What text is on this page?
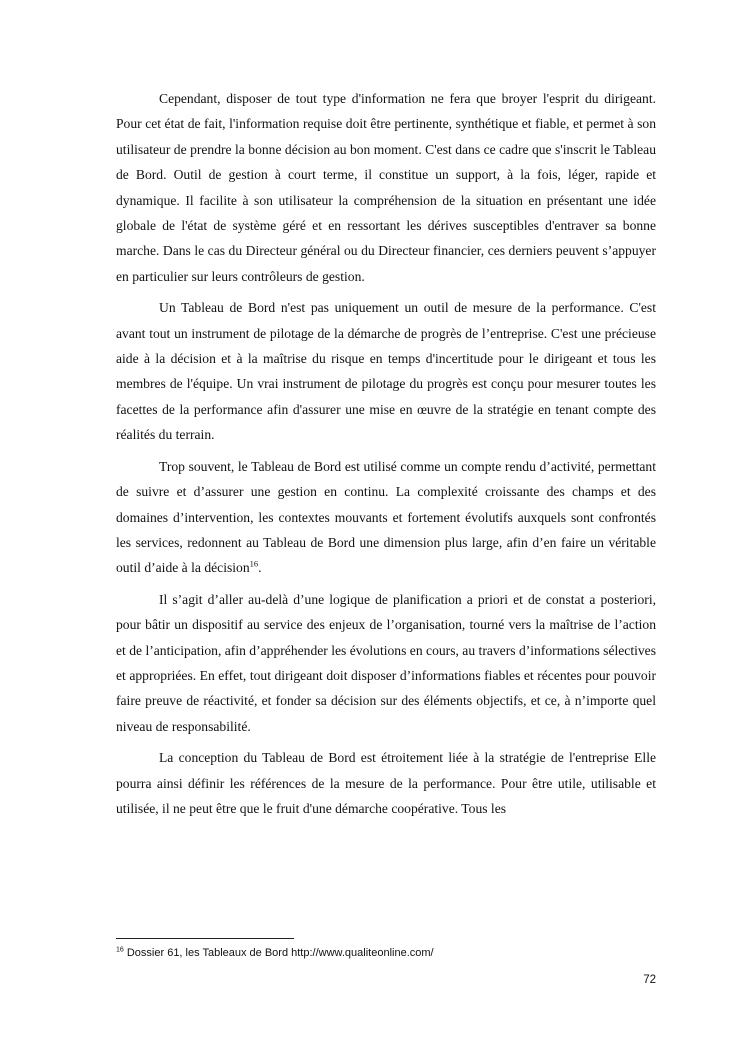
Cependant, disposer de tout type d'information ne fera que broyer l'esprit du dirigeant. Pour cet état de fait, l'information requise doit être pertinente, synthétique et fiable, et permet à son utilisateur de prendre la bonne décision au bon moment. C'est dans ce cadre que s'inscrit le Tableau de Bord. Outil de gestion à court terme, il constitue un support, à la fois, léger, rapide et dynamique. Il facilite à son utilisateur la compréhension de la situation en présentant une idée globale de l'état de système géré et en ressortant les dérives susceptibles d'entraver sa bonne marche. Dans le cas du Directeur général ou du Directeur financier, ces derniers peuvent s’appuyer en particulier sur leurs contrôleurs de gestion.

Un Tableau de Bord n'est pas uniquement un outil de mesure de la performance. C'est avant tout un instrument de pilotage de la démarche de progrès de l’entreprise. C'est une précieuse aide à la décision et à la maîtrise du risque en temps d'incertitude pour le dirigeant et tous les membres de l'équipe. Un vrai instrument de pilotage du progrès est conçu pour mesurer toutes les facettes de la performance afin d'assurer une mise en œuvre de la stratégie en tenant compte des réalités du terrain.

Trop souvent, le Tableau de Bord est utilisé comme un compte rendu d’activité, permettant de suivre et d’assurer une gestion en continu. La complexité croissante des champs et des domaines d’intervention, les contextes mouvants et fortement évolutifs auxquels sont confrontés les services, redonnent au Tableau de Bord une dimension plus large, afin d’en faire un véritable outil d’aide à la décision$^{16}$.

Il s’agit d’aller au-delà d’une logique de planification a priori et de constat a posteriori, pour bâtir un dispositif au service des enjeux de l’organisation, tourné vers la maîtrise de l’action et de l’anticipation, afin d’appréhender les évolutions en cours, au travers d’informations sélectives et appropriées. En effet, tout dirigeant doit disposer d’informations fiables et récentes pour pouvoir faire preuve de réactivité, et fonder sa décision sur des éléments objectifs, et ce, à n’importe quel niveau de responsabilité.

La conception du Tableau de Bord est étroitement liée à la stratégie de l'entreprise Elle pourra ainsi définir les références de la mesure de la performance. Pour être utile, utilisable et utilisée, il ne peut être que le fruit d'une démarche coopérative. Tous les

$^{16}$ Dossier 61, les Tableaux de Bord http://www.qualiteonline.com/
72
